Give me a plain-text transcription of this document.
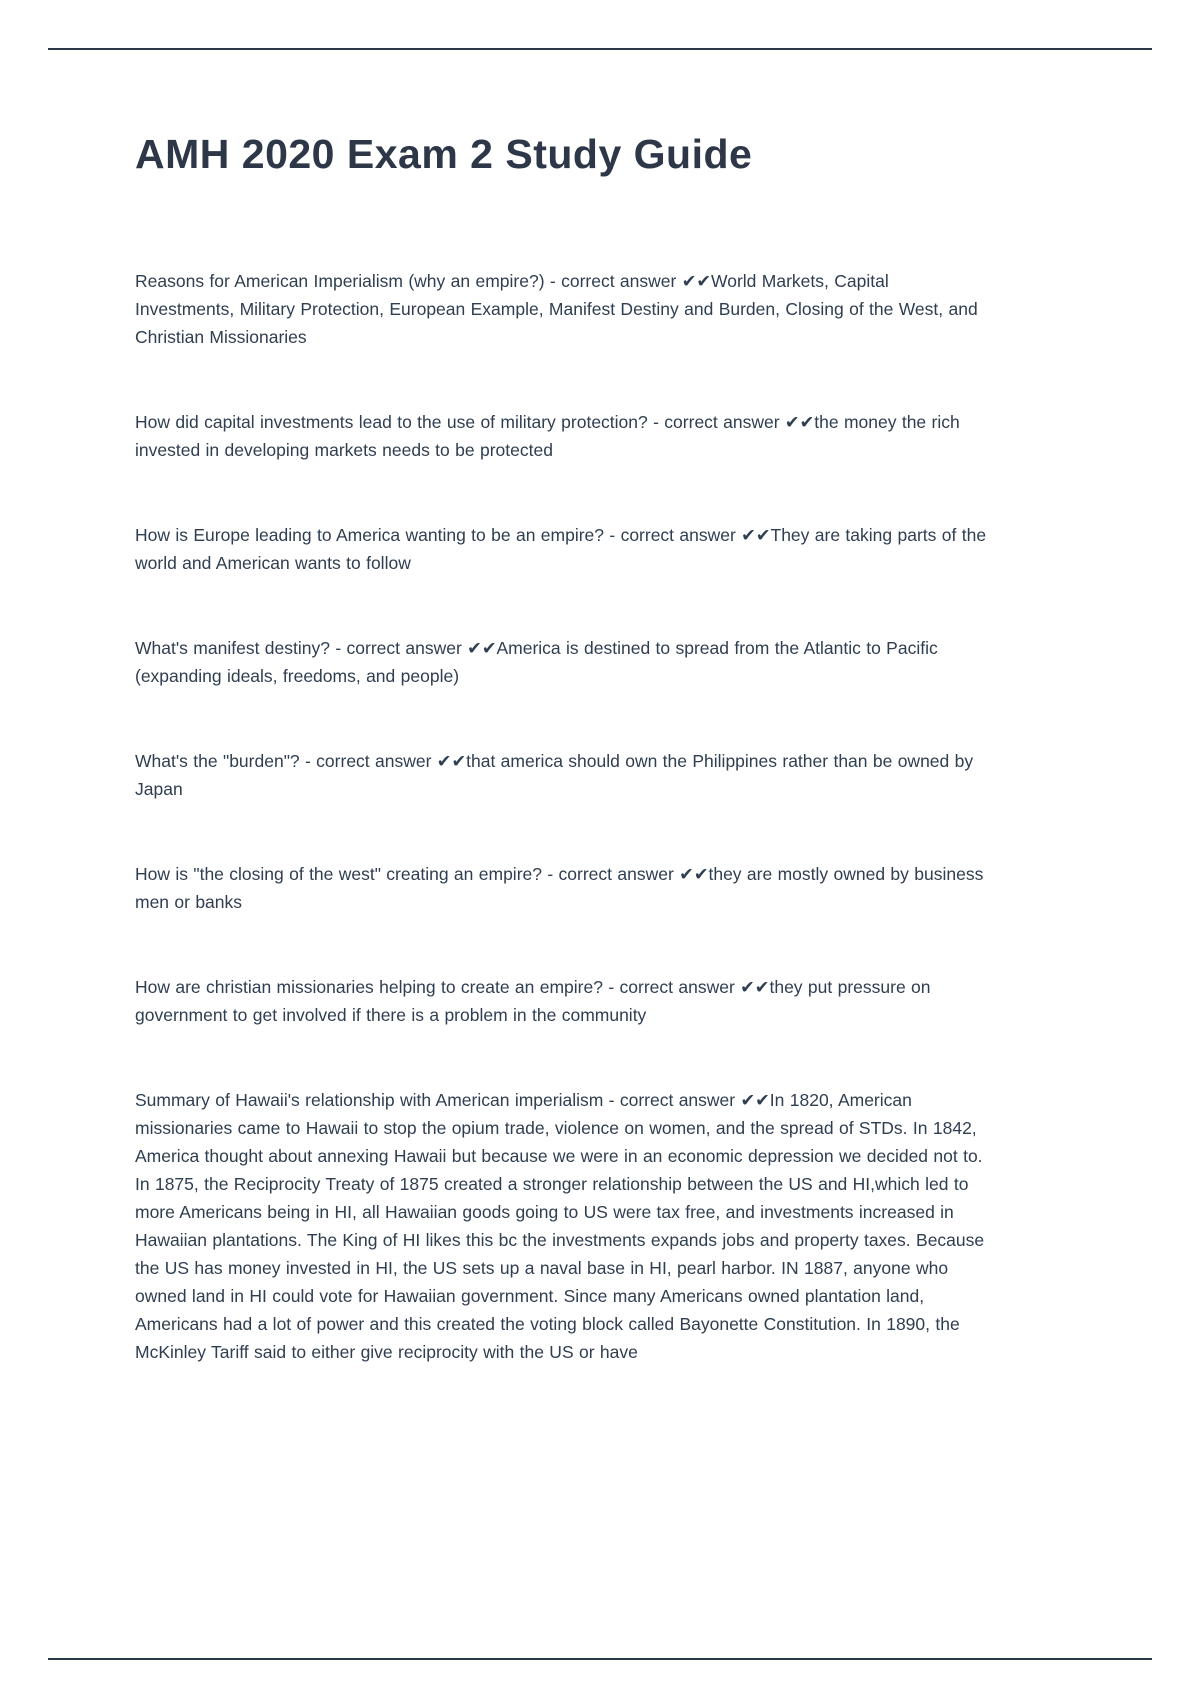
AMH 2020 Exam 2 Study Guide

Reasons for American Imperialism (why an empire?) - correct answer ✔✔World Markets, Capital Investments, Military Protection, European Example, Manifest Destiny and Burden, Closing of the West, and Christian Missionaries

How did capital investments lead to the use of military protection? - correct answer ✔✔the money the rich invested in developing markets needs to be protected

How is Europe leading to America wanting to be an empire? - correct answer ✔✔They are taking parts of the world and American wants to follow

What's manifest destiny? - correct answer ✔✔America is destined to spread from the Atlantic to Pacific (expanding ideals, freedoms, and people)

What's the "burden"? - correct answer ✔✔that america should own the Philippines rather than be owned by Japan

How is "the closing of the west" creating an empire? - correct answer ✔✔they are mostly owned by business men or banks

How are christian missionaries helping to create an empire? - correct answer ✔✔they put pressure on government to get involved if there is a problem in the community

Summary of Hawaii's relationship with American imperialism - correct answer ✔✔In 1820, American missionaries came to Hawaii to stop the opium trade, violence on women, and the spread of STDs. In 1842, America thought about annexing Hawaii but because we were in an economic depression we decided not to. In 1875, the Reciprocity Treaty of 1875 created a stronger relationship between the US and HI,which led to more Americans being in HI, all Hawaiian goods going to US were tax free, and investments increased in Hawaiian plantations. The King of HI likes this bc the investments expands jobs and property taxes. Because the US has money invested in HI, the US sets up a naval base in HI, pearl harbor. IN 1887, anyone who owned land in HI could vote for Hawaiian government. Since many Americans owned plantation land, Americans had a lot of power and this created the voting block called Bayonette Constitution. In 1890, the McKinley Tariff said to either give reciprocity with the US or have
